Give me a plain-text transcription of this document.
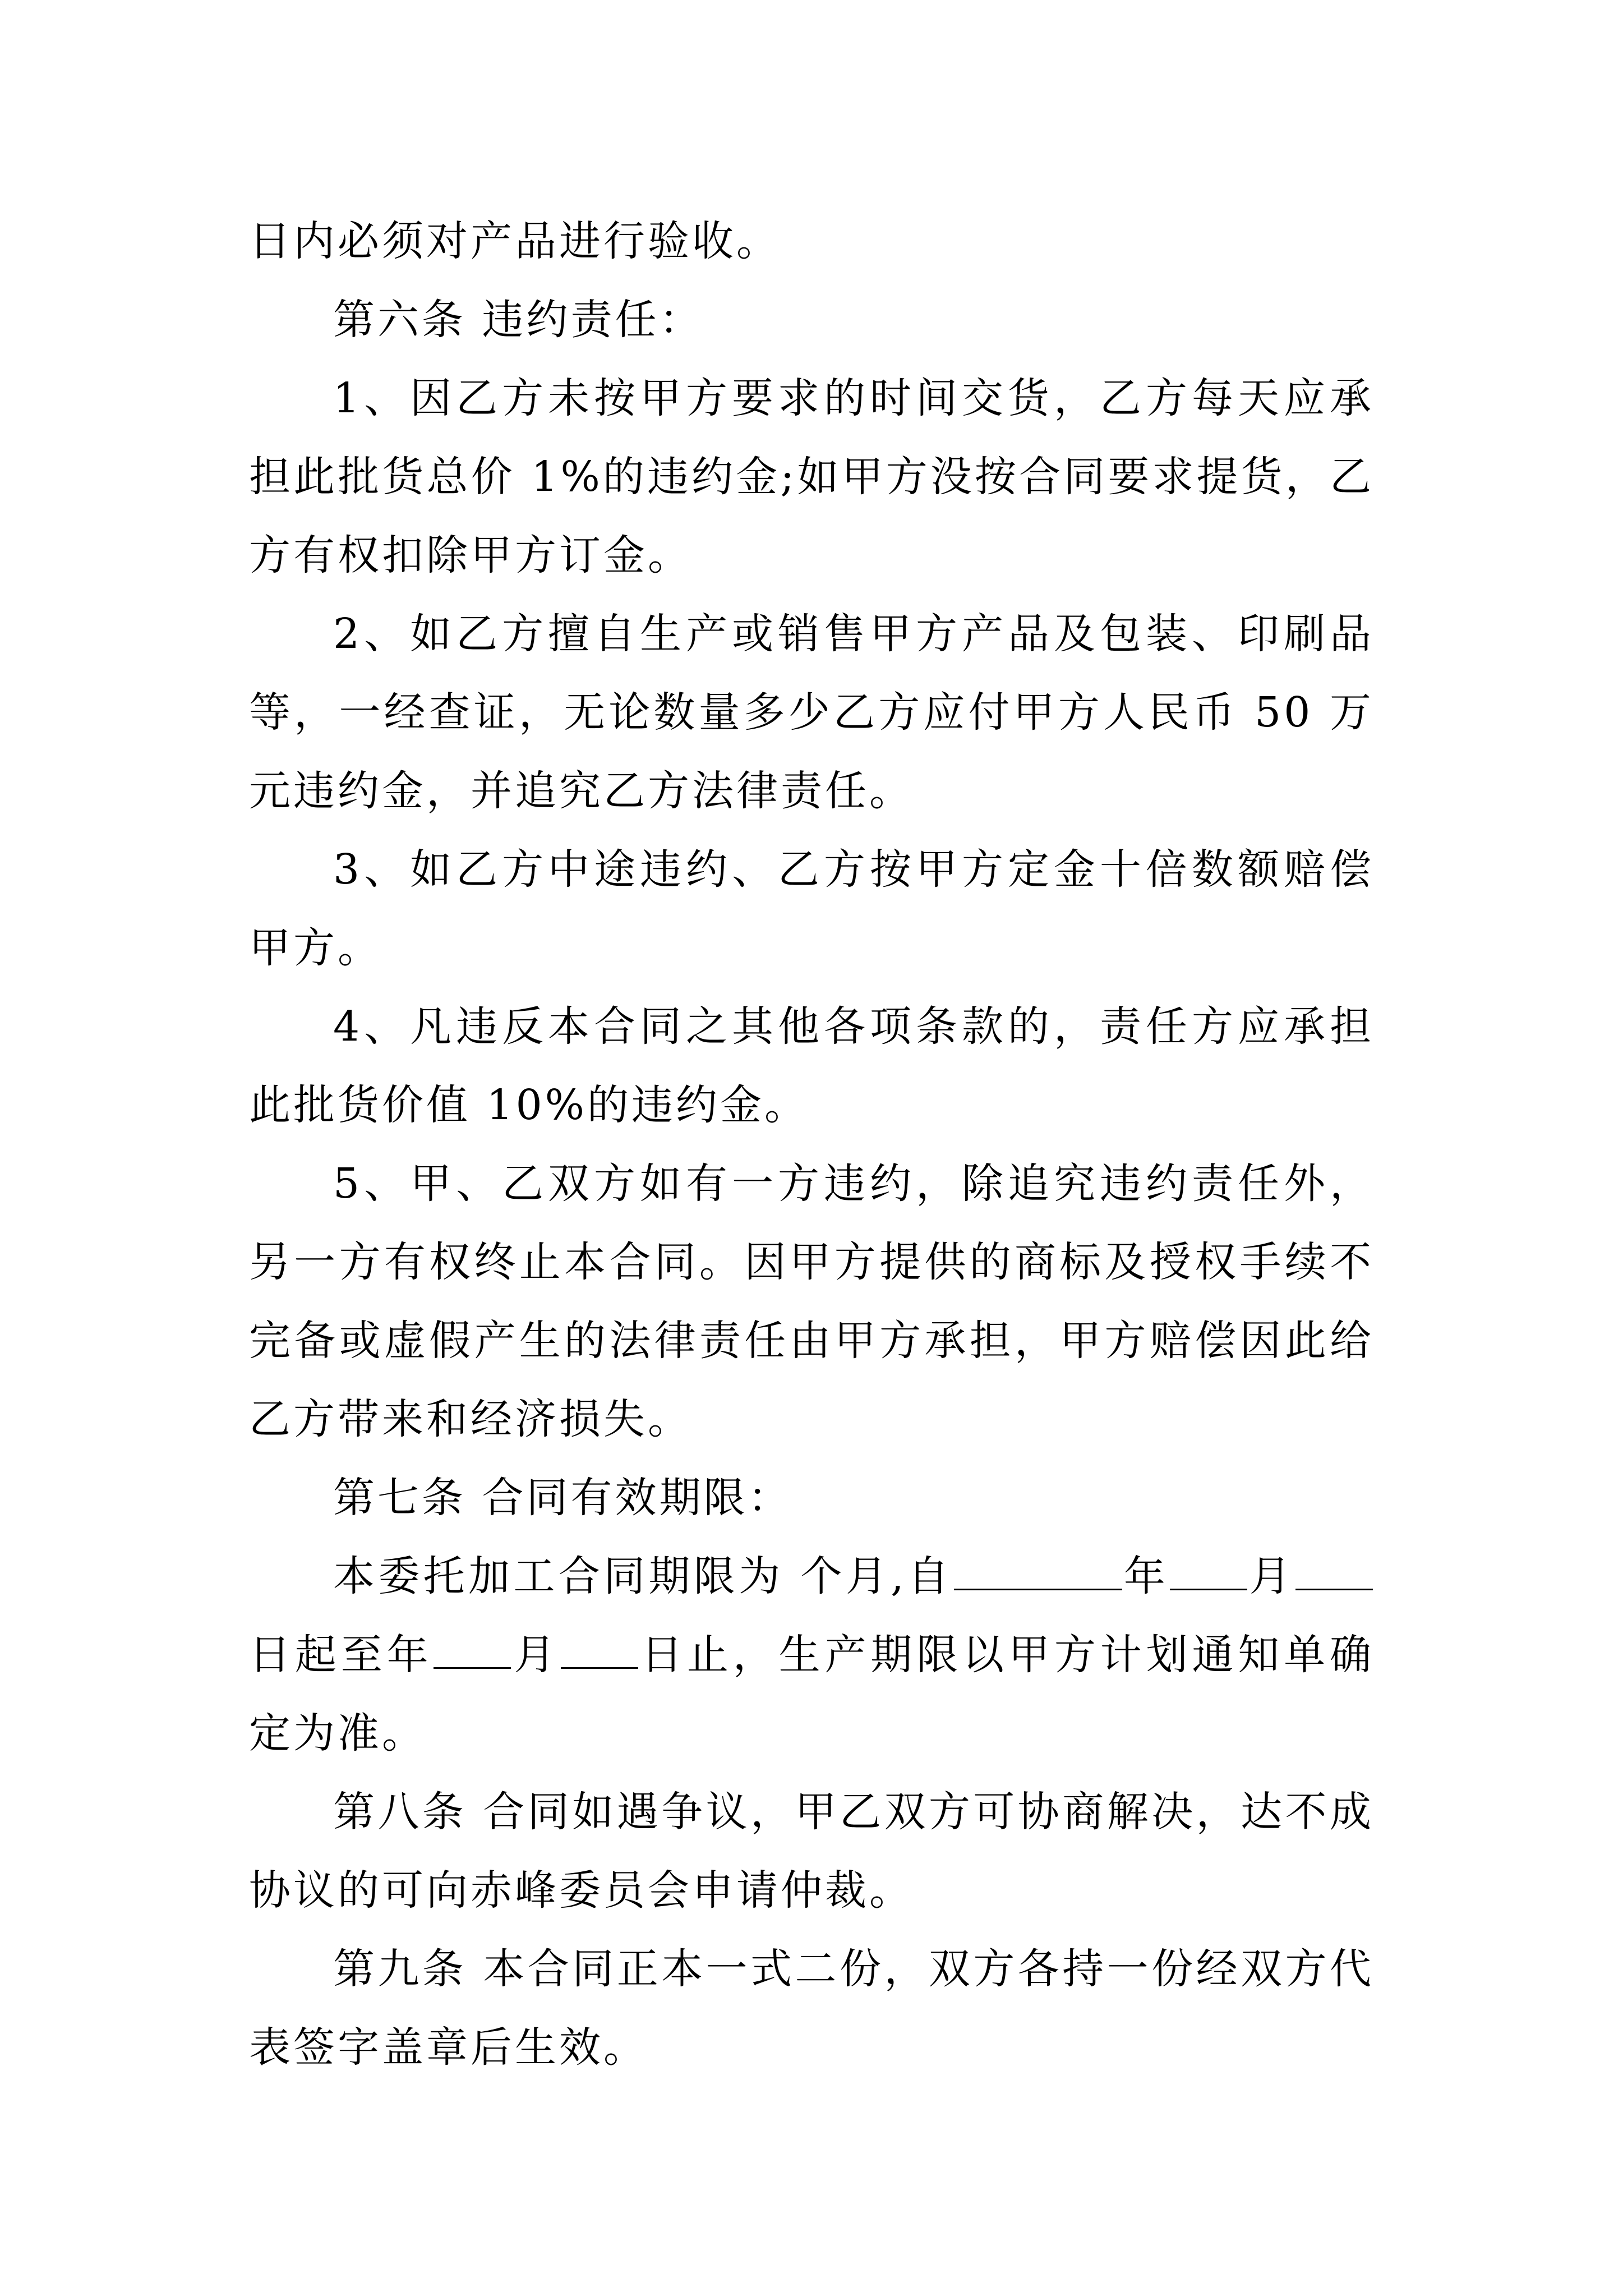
日内必须对产品进行验收。

第六条 违约责任：

1、因乙方未按甲方要求的时间交货，乙方每天应承担此批货总价 1%的违约金;如甲方没按合同要求提货，乙方有权扣除甲方订金。

2、如乙方擅自生产或销售甲方产品及包装、印刷品等，一经查证，无论数量多少乙方应付甲方人民币 50 万元违约金，并追究乙方法律责任。

3、如乙方中途违约、乙方按甲方定金十倍数额赔偿甲方。

4、凡违反本合同之其他各项条款的，责任方应承担此批货价值 10%的违约金。

5、甲、乙双方如有一方违约，除追究违约责任外，另一方有权终止本合同。因甲方提供的商标及授权手续不完备或虚假产生的法律责任由甲方承担，甲方赔偿因此给乙方带来和经济损失。

第七条 合同有效期限：

本委托加工合同期限为 个月,自	年 月日起至年 月 日止，生产期限以甲方计划通知单确定为准。

第八条 合同如遇争议，甲乙双方可协商解决，达不成协议的可向赤峰委员会申请仲裁。

第九条 本合同正本一式二份，双方各持一份经双方代表签字盖章后生效。
